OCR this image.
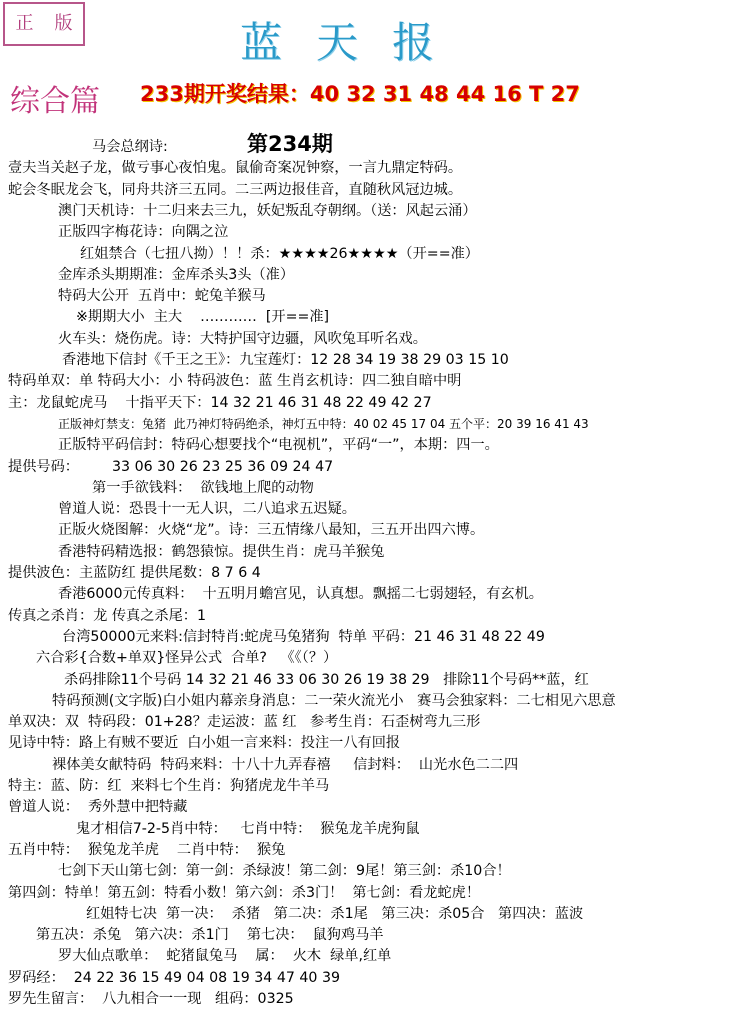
正 版	蓝天报
综合篇 233期开奖结果：40 32 31 48 44 16 T 27
第234期
马会总纲诗:
壹夫当关赵子龙，做亏事心夜怕鬼。鼠偷奇案况钟察，一言九鼎定特码。
蛇会冬眠龙会飞，同舟共济三五同。二三两边报佳音，直随秋风冠边城。
澳门天机诗：十二归来去三九，妖妃叛乱夺朝纲。（送：风起云涌）
正版四字梅花诗：向隅之泣
红姐禁合（七扭八拗）！！杀：★★★★26★★★★（开==准）
金库杀头期期准：金库杀头3头（准）
特码大公开  五肖中：蛇兔羊猴马
※期期大小  主大    …………  [开==准]
火车头：烧伤虎。诗：大特护国守边疆，风吹兔耳听名戏。
香港地下信封《千王之王》：九宝莲灯：12 28 34 19 38 29 03 15 10
特码单双：单 特码大小：小 特码波色：蓝 生肖玄机诗：四二独自暗中明
主：龙鼠蛇虎马    十指平天下：14 32 21 46 31 48 22 49 42 27
正版神灯禁支：兔猪  此乃神灯特码绝杀，神灯五中特：40 02 45 17 04 五个平：20 39 16 41 43
正版特平码信封：特码心想要找个“电视机”，平码“一”，本期：四一。
提供号码： 33 06 30 26 23 25 36 09 24 47
第一手欲钱料：  欲钱地上爬的动物
曾道人说：恐畏十一无人识，二八追求五迟疑。
正版火烧图解：火烧“龙”。诗：三五情缘八最知，三五开出四六博。
香港特码精选报：鹤怨猿惊。提供生肖：虎马羊猴兔
提供波色：主蓝防红 提供尾数：8 7 6 4
香港6000元传真料：  十五明月蟾宫见，认真想。飘摇二七弱翅轻，有玄机。
传真之杀肖：龙 传真之杀尾：1
台湾50000元来料:信封特肖:蛇虎马兔猪狗  特单 平码：21 46 31 48 22 49
六合彩{合数+单双}怪异公式  合单?   《《（？）
杀码排除11个号码 14 32 21 46 33 06 30 26 19 38 29   排除11个号码**蓝，红
特码预测(文字版)白小姐内幕亲身消息：二一荣火流光小   赛马会独家料：二七相见六思意
单双决：双  特码段：01+28？走运波：蓝 红   参考生肖：石歪树弯九三形
见诗中特：路上有贼不要近  白小姐一言来料：投注一八有回报
裸体美女献特码  特码来料：十八十九弄春禧     信封料：  山光水色二二四
特主：蓝、防：红  来料七个生肖：狗猪虎龙牛羊马
曾道人说：  秀外慧中把特藏
鬼才相信7-2-5肖中特：   七肖中特：  猴兔龙羊虎狗鼠
五肖中特：  猴兔龙羊虎    二肖中特：  猴兔
七剑下天山第七剑：第一剑：杀绿波！第二剑：9尾！第三剑：杀10合！
第四剑：特单！第五剑：特看小数！第六剑：杀3门！  第七剑：看龙蛇虎！
红姐特七决  第一决：  杀猪   第二决：杀1尾   第三决：杀05合   第四决：蓝波
第五决：杀兔   第六决：杀1门    第七决：  鼠狗鸡马羊
罗大仙点歌单：  蛇猪鼠兔马    属：  火木  绿单,红单
罗码经：  24 22 36 15 49 04 08 19 34 47 40 39
罗先生留言：  八九相合一一现   组码：0325
